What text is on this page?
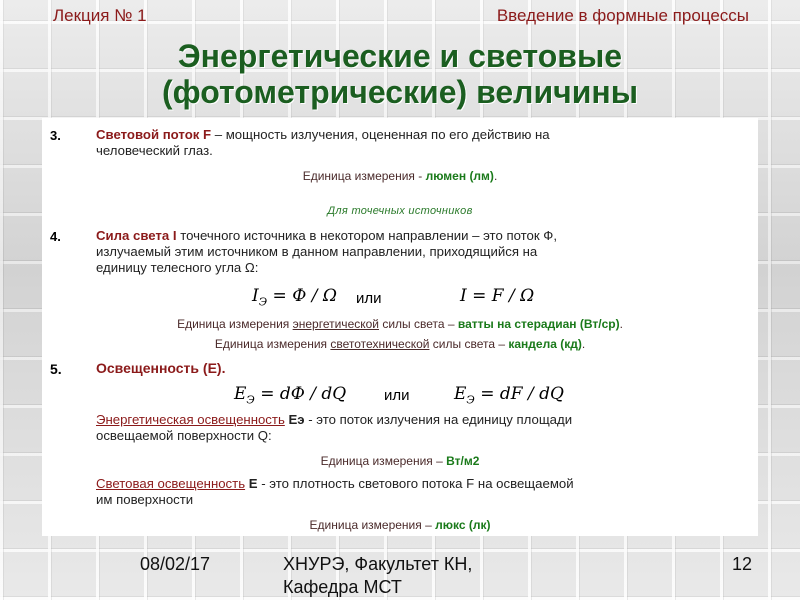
Лекция № 1	Введение в формные процессы
Энергетические и световые
(фотометрические) величины
3.	Световой поток F – мощность излучения, оцененная по его действию на
человеческий глаз.
Единица измерения - люмен (лм).
Для точечных источников
4.	Сила света I точечного источника в некотором направлении – это поток Ф,
излучаемый этим источником в данном направлении, приходящийся на
единицу телесного угла Ω:
$I_Э = Ф / \Omega$ или	I = F / Ω
Единица измерения энергетической силы света – ватты на стерадиан (Вт/ср).
Единица измерения светотехнической силы света – кандела (кд).
5. Освещенность (Е).
$E_Э$ = dФ / dQ	или	$E_Э$ = dF / dQ
Энергетическая освещенность Еэ - это поток излучения на единицу площади
освещаемой поверхности Q:
Единица измерения – Вт/м2
Световая освещенность Е - это плотность светового потока F на освещаемой
им поверхности
Единица измерения – люкс (лк)
08/02/17	ХНУРЭ, Факультет КН,
Кафедра МСТ
12
